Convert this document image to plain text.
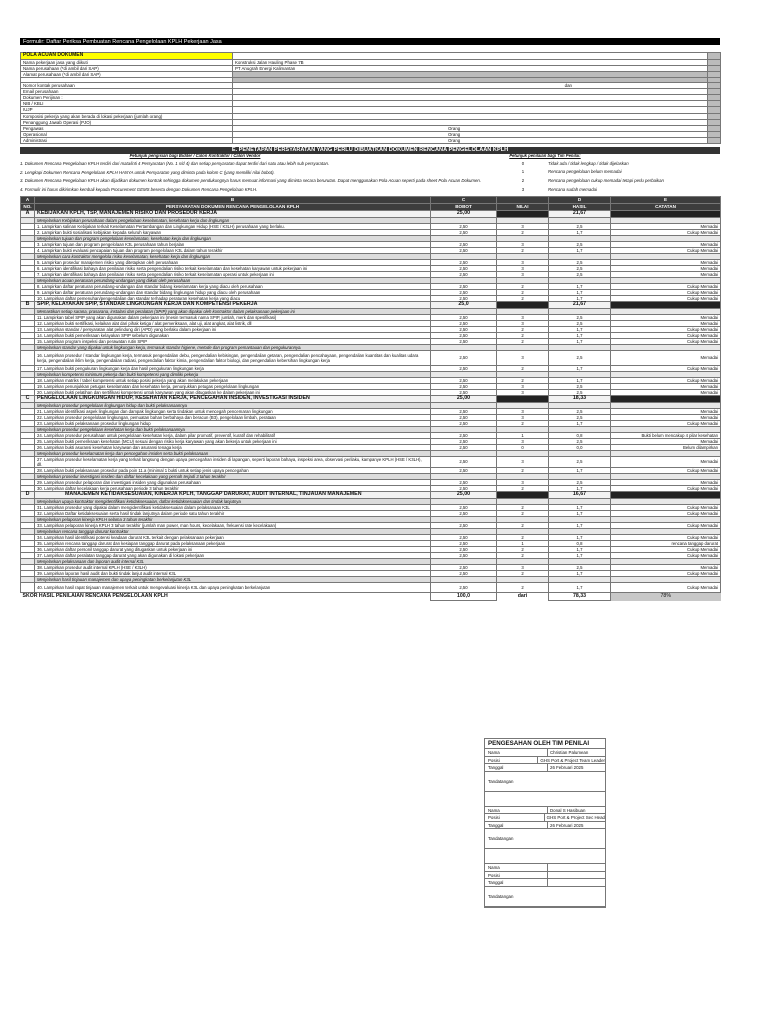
Formulir: Daftar Periksa Pembuatan Rencana Pengelolaan KPLH Pekerjaan Jasa
POLA ACUAN DOKUMEN		
Nama pekerjaan jasa yang diikuti	Konstruksi Jalan Hauling Phase 7B	
Nama perusahaan (*di ambil dari SAP)	PT Anugrah Energi Kalimantan	
Alamat perusahaan (*di ambil dari SAP)		

Nomor kontak perusahaan	dan	
Email perusahaan		
Dokumen Perijinan :		
NIB / KBLI		
IUJP		
Komposisi pekerja yang akan berada di lokasi pekerjaan (jumlah orang)		
Penanggung Jawab Operasi (PJO)		
Pengawas	Orang	
Operasional	Orang	
Administrasi	Orang	
E. PENETAPAN PERSYARATAN YANG PERLU DIBUATKAN DOKUMEN RENCANA PENGELOLAAN KPLH
Petunjuk pengisian bagi Bidder / Calon Kontraktor / Calon Vendor	Petunjuk penilaian bagi Tim Penilai:
1. Dokumen Rencana Pengelolaan KPLH terdiri dari mata/inti 4 Persyaratan (No. 1 s/d 4) dan setiap persyaratan dapat terdiri dari satu atau lebih sub persyaratan.	0	Tidak ada / tidak lengkap / tidak dijelaskan
2. Lengkapi Dokumen Rencana Pengelolaan KPLH HANYA untuk Persyaratan yang diminta pada kolom C (yang memiliki nilai bobot).	1	Rencana pengelolaan belum memadai
3. Dokumen Rencana Pengelolaan KPLH akan dijadikan dokumen kontrak sehingga dokumen pendukungnya harus memuat informasi yang diminta secara berurutan. Dapat menggunakan Pola Acuan seperti pada sheet Pola Acuan Dokumen.	2	Rencana pengelolaan cukup memadai tetapi perlu perbaikan
4. Formulir ini harus dikirimkan kembali kepada Procurement GEMS beserta dengan Dokumen Rencana Pengelolaan KPLH.	3	Rencana sudah memadai
A	B	C		D	E
NO.	PERSYARATAN DOKUMEN RENCANA PENGELOLAAN KPLH	BOBOT	NILAI	HASIL	CATATAN
A	KEBIJAKAN KPLH, TSP, MANAJEMEN RISIKO DAN PROSEDUR KERJA	25,00		21,67	
	Menjelaskan Kebijakan perusahaan dalam pengelolaan keselamatan, kesehatan kerja dan lingkungan				
	1. Lampirkan salinan Kebijakan terkait Keselamatan Pertambangan dan Lingkungan Hidup (HSE / K3LH) perusahaan yang berlaku.	2,50	3	2,5	Memadai
	2. Lampirkan bukti sosialisasi kebijakan kepada seluruh karyawan	2,50	2	1,7	Cukup Memadai
	Menjelaskan tujuan dan program pengelolaan keselamatan, kesehatan kerja dan lingkungan				
	3. Lampirkan tujuan dan program pengelolaan K3L perusahaan tahun berjalan	2,50	3	2,5	Memadai
	4. Lampirkan bukti evaluasi pencapaian tujuan dan program pengelolaan K3L dalam tahun terakhir	2,50	2	1,7	Cukup Memadai
	Menjelaskan cara kontraktor mengelola risiko keselamatan, kesehatan kerja dan lingkungan				
	5. Lampirkan prosedur manajemen risiko yang ditetapkan oleh perusahaan	2,50	3	2,5	Memadai
	6. Lampirkan identifikasi bahaya dan penilaian risiko serta pengendalian risiko terkait keselamatan dan kesehatan karyawan untuk pekerjaan ini	2,50	3	2,5	Memadai
	7. Lampirkan identifikasi bahaya dan penilaian risiko serta pengendalian risiko terkait keselamatan operasi untuk pekerjaan ini	2,50	3	2,5	Memadai
	Menjelaskan acuan peraturan perundang-undangan yang diikuti oleh perusahaan				
	8. Lampirkan daftar peraturan perundang-undangan dan standar bidang keselamatan kerja yang diacu oleh perusahaan	2,50	2	1,7	Cukup Memadai
	9. Lampirkan daftar peraturan perundang-undangan dan standar bidang lingkungan hidup yang diacu oleh perusahaan	2,50	2	1,7	Cukup Memadai
	10. Lampirkan daftar pemenuhan/pengendalian dan standar terhadap peraturan kesehatan kerja yang diacu	2,50	2	1,7	Cukup Memadai
B	SPIP, KELAYAKAN SPIP, STANDAR LINGKUNGAN KERJA DAN KOMPETENSI PEKERJA	25,0		21,67	
	Memastikan setiap sarana, prasarana, instalasi dan peralatan (SPIP) yang akan dipakai oleh kontraktor dalam pelaksanaan pekerjaan ini				
	11. Lampirkan tabel SPIP yang akan digunakan dalam pekerjaan ini (mesin termasuk nama SPIP, jumlah, merk dan spesifikasi)	2,50	3	2,5	Memadai
	12. Lampirkan bukti sertifikasi, kelaikan alat dari pihak ketiga / alat pemeriksaan, alat uji, alat angkat, alat listrik, dll	2,50	3	2,5	Memadai
	13. Lampirkan standar / persyaratan alat pelindung diri (APD) yang berlaku dalam pekerjaan ini	2,50	2	1,7	Cukup Memadai
	14. Lampirkan bukti pemeriksaan kelayakan SPIP sebelum digunakan	2,50	2	1,7	Cukup Memadai
	15. Lampirkan program inspeksi dan perawatan rutin SPIP	2,50	2	1,7	Cukup Memadai
	Menjelaskan standar yang dipakai untuk lingkungan kerja, termasuk standar higiene, metode dan program pemantauan dan pengukurannya.				
	16. Lampirkan prosedur / standar lingkungan kerja, termasuk pengendalian debu, pengendalian kebisingan, pengendalian getaran, pengendalian pencahayaan, pengendalian kuantitas dan kualitas udara kerja, pengendalian iklim kerja, pengendalian radiasi, pengendalian faktor kimia, pengendalian faktor biologi, dan pengendalian kebersihan lingkungan kerja	2,50	3	2,5	Memadai
	17. Lampirkan bukti pengukuran lingkungan kerja dan hasil pengukuran lingkungan kerja	2,50	2	1,7	Cukup Memadai
	Menjelaskan kompetensi minimum pekerja dan bukti kompetensi yang dimiliki pekerja				
	18. Lampirkan matriks / tabel kompetensi untuk setiap posisi pekerja yang akan melakukan pekerjaan	2,50	2	1,7	Cukup Memadai
	19. Lampirkan penunjukkan petugas keselamatan dan kesehatan kerja, penunjukkan petugas pengelolaan lingkungan	2,50	3	2,5	Memadai
	20. Lampirkan bukti pelatihan dan sertifikasi kompetensi untuk karyawan yang akan ditugaskan ke dalam pekerjaan ini	2,50	3	2,5	Memadai
C	PENGELOLAAN LINGKUNGAN HIDUP, KESEHATAN KERJA, PENCEGAHAN INSIDEN, INVESTIGASI INSIDEN	25,00		18,33	
	Menjelaskan prosedur pengelolaan lingkungan hidup dan bukti pelaksanaannya				
	21. Lampirkan identifikasi aspek lingkungan dan dampak lingkungan serta tindakan untuk mencegah pencemaran lingkungan	2,50	3	2,5	Memadai
	22. Lampirkan prosedur pengelolaan lingkungan, pemuatan bahan berbahaya dan beracun (B3), pengelolaan limbah, perataan	2,50	3	2,5	Memadai
	23. Lampirkan bukti pelaksanaan prosedur lingkungan hidup	2,50	2	1,7	Cukup Memadai
	Menjelaskan prosedur pengelolaan kesehatan kerja dan bukti pelaksanaannya				
	24. Lampirkan prosedur perusahaan untuk pengelolaan kesehatan kerja, dalam pilar promotif, preventif, kuratif dan rehabilitatif	2,50	1	0,8	Bukti belum mencakup 4 pilar kesehatan
	25. Lampirkan bukti pemeriksaan kesehatan (MCU) sesuai dengan risiko kerja karyawan yang akan bekerja untuk pekerjaan ini	2,50	3	2,5	Memadai
	26. Lampirkan bukti asuransi kesehatan karyawan dan asuransi tenaga kerja	2,50	0	0,0	Belum dilampirkan
	Menjelaskan prosedur keselamatan kerja dan pencegahan insiden serta bukti pelaksanaan				
	27. Lampirkan prosedur keselamatan kerja yang terkait langsung dengan upaya pencegahan insiden di lapangan, seperti laporan bahaya, inspeksi area, observasi perilaku, kampanye KPLH (HSE / K3LH), dll.	2,50	3	2,5	Memadai
	28. Lampirkan bukti pelaksanaan prosedur pada poin 11.a (minimal 1 bukti untuk setiap jenis upaya pencegahan	2,50	2	1,7	Cukup Memadai
	Menjelaskan prosedur investigasi insiden dan daftar kecelakaan yang pernah terjadi 3 tahun terakhir				
	29. Lampirkan prosedur pelaporan dan investigasi insiden yang digunakan perusahaan	2,50	3	2,5	Memadai
	30. Lampirkan daftar kecelakaan kerja perusahaan periode 3 tahun terakhir	2,50	2	1,7	Cukup Memadai
D	MANAJEMEN KETIDAKSESUAIAN, KINERJA KPLH, TANGGAP DARURAT, AUDIT INTERNAL, TINJAUAN MANAJEMEN	25,00		16,67	
	Menjelaskan upaya kontraktor mengidentifikasi ketidaksesuaian, daftar ketidaksesuaian dan tindak lanjutnya				
	31. Lampirkan prosedur yang dipakai dalam mengidentifikasi ketidaksesuaian dalam pelaksanaan K3L	2,50	2	1,7	Cukup Memadai
	32. Lampirkan Daftar ketidaksesuaian serta hasil tindak lanjutnya dalam periode satu tahun terakhir	2,50	2	1,7	Cukup Memadai
	Menjelaskan pelaporan kinerja KPLH selama 3 tahun terakhir				
	33. Lampirkan pelaporan kinerja KPLH 3 tahun terakhir (jumlah man power, man hours, kecelakaan, frekuensi rate kecelakaan)	2,50	2	1,7	Cukup Memadai
	Menjelaskan rencana tanggap darurat kontraktor				
	34. Lampirkan hasil identifikasi potensi keadaan darurat K3L terkait dengan pelaksanaan pekerjaan	2,50	2	1,7	Cukup Memadai
	35. Lampirkan rencana tanggap darurat dan kesiapan tanggap darurat pada pelaksanaan pekerjaan	2,50	1	0,8	rencana tanggap darurat
	36. Lampirkan daftar personil tanggap darurat yang ditugaskan untuk pekerjaan ini	2,50	2	1,7	Cukup Memadai
	37. Lampirkan daftar peralatan tanggap darurat yang akan digunakan di lokasi pekerjaan	2,50	2	1,7	Cukup Memadai
	Menjelaskan pelaksanaan dan laporan audit internal K3L				
	38. Lampirkan prosedur audit internal KPLH (HSE / K3LH)	2,50	3	2,5	Memadai
	39. Lampirkan laporan hasil audit dan bukti tindak lanjut audit internal K3L	2,50	2	1,7	Cukup Memadai
	Menjelaskan hasil tinjauan manajemen dan upaya peningkatan berkelanjutan K3L				
	40. Lampirkan hasil rapat tinjauan manajemen terkait untuk mengevaluasi kinerja K3L dan upaya peningkatan berkelanjutan	2,50	2	1,7	Cukup Memadai
SKOR HASIL PENILAIAN RENCANA PENGELOLAAN KPLH		100,0	dari	78,33	78%
PENGESAHAN OLEH TIM PENILAI
Nama	Christian Palumean
Posisi	GHS Port & Project Team Leader
Tanggal	26 Februari 2025
Tandatangan
Nama	Donal S Hasibuan
Posisi	GHS Port & Project Sec Head
Tanggal	26 Februari 2025
Tandatangan
Nama
Posisi
Tanggal
Tandatangan
